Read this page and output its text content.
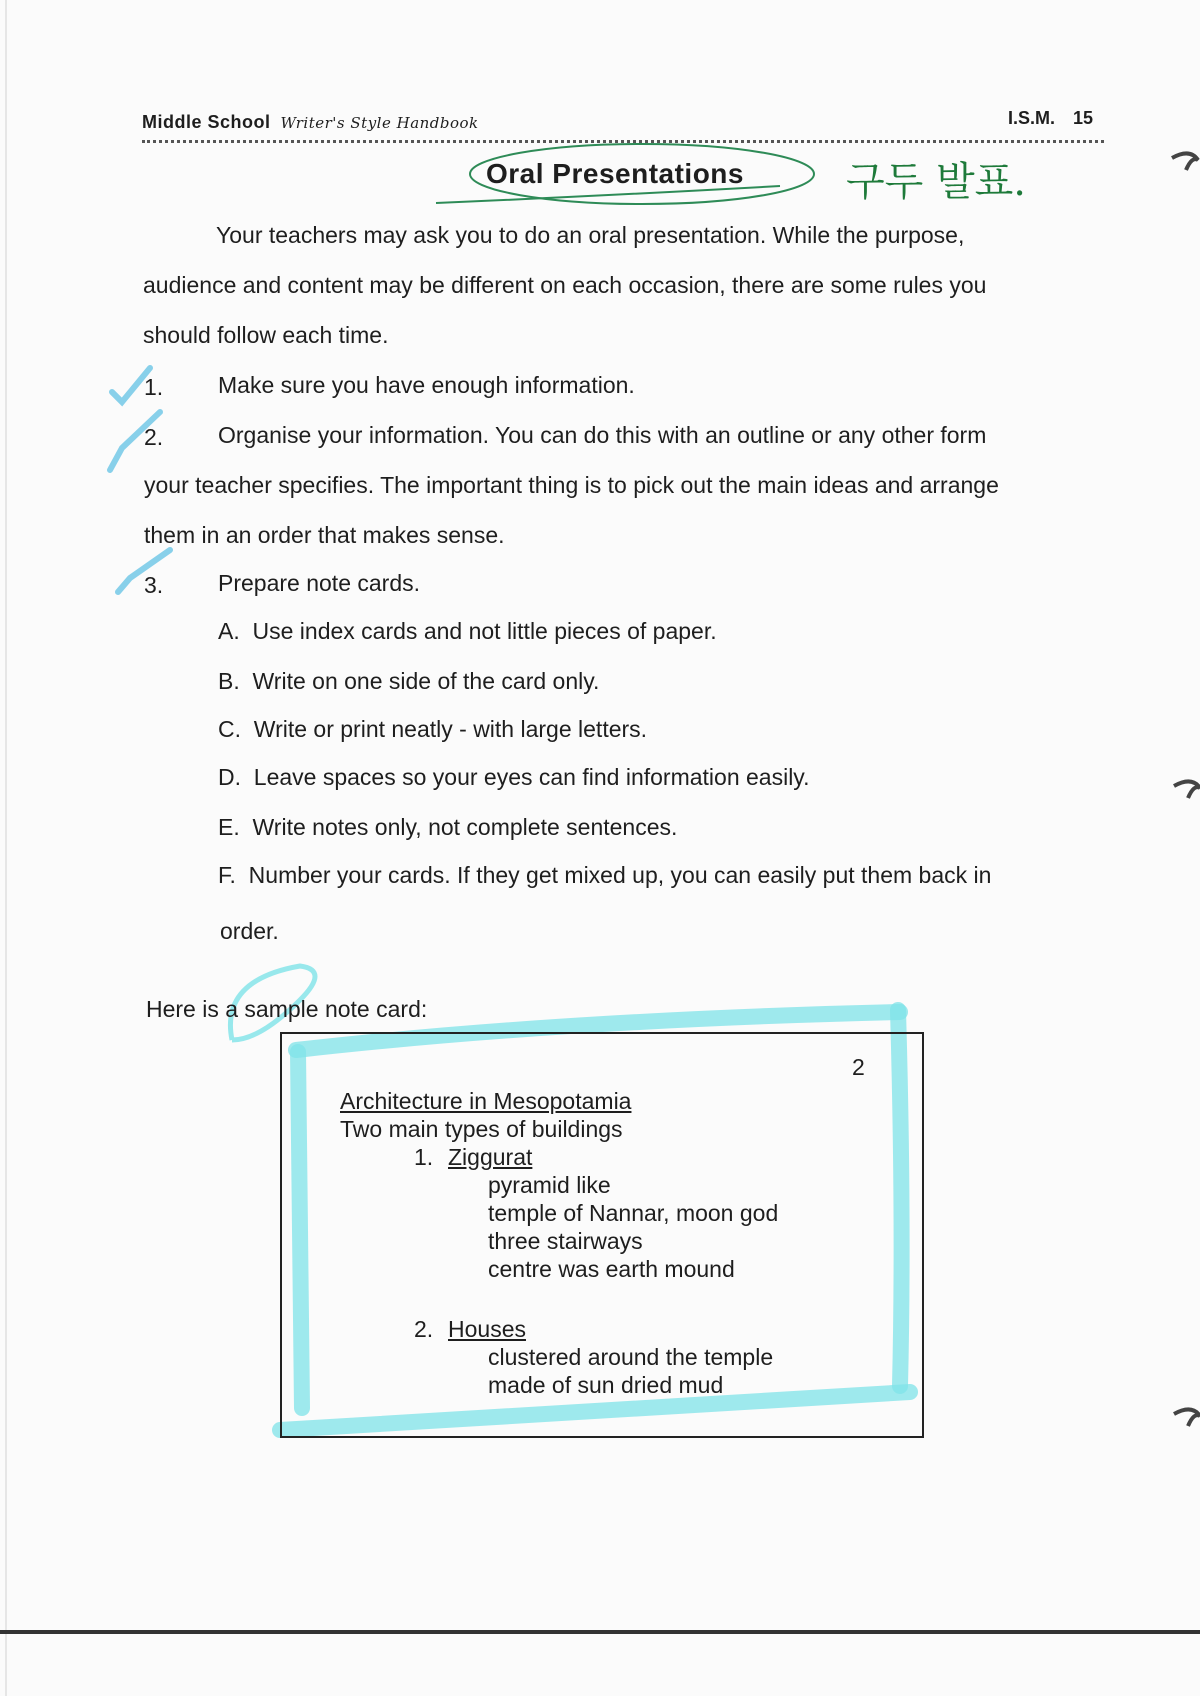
Middle School Writer's Style Handbook	I.S.M. 15
Oral Presentations	구두 발표.
Your teachers may ask you to do an oral presentation. While the purpose,
audience and content may be different on each occasion, there are some rules you
should follow each time.
1. Make sure you have enough information.
2. Organise your information. You can do this with an outline or any other form
your teacher specifies. The important thing is to pick out the main ideas and arrange
them in an order that makes sense.
3. Prepare note cards.
A. Use index cards and not little pieces of paper.
B. Write on one side of the card only.
C. Write or print neatly - with large letters.
D. Leave spaces so your eyes can find information easily.
E. Write notes only, not complete sentences.
F. Number your cards. If they get mixed up, you can easily put them back in
order.
Here is a sample note card:
2
Architecture in Mesopotamia
Two main types of buildings
1. Ziggurat
pyramid like
temple of Nannar, moon god
three stairways
centre was earth mound
2. Houses
clustered around the temple
made of sun dried mud
